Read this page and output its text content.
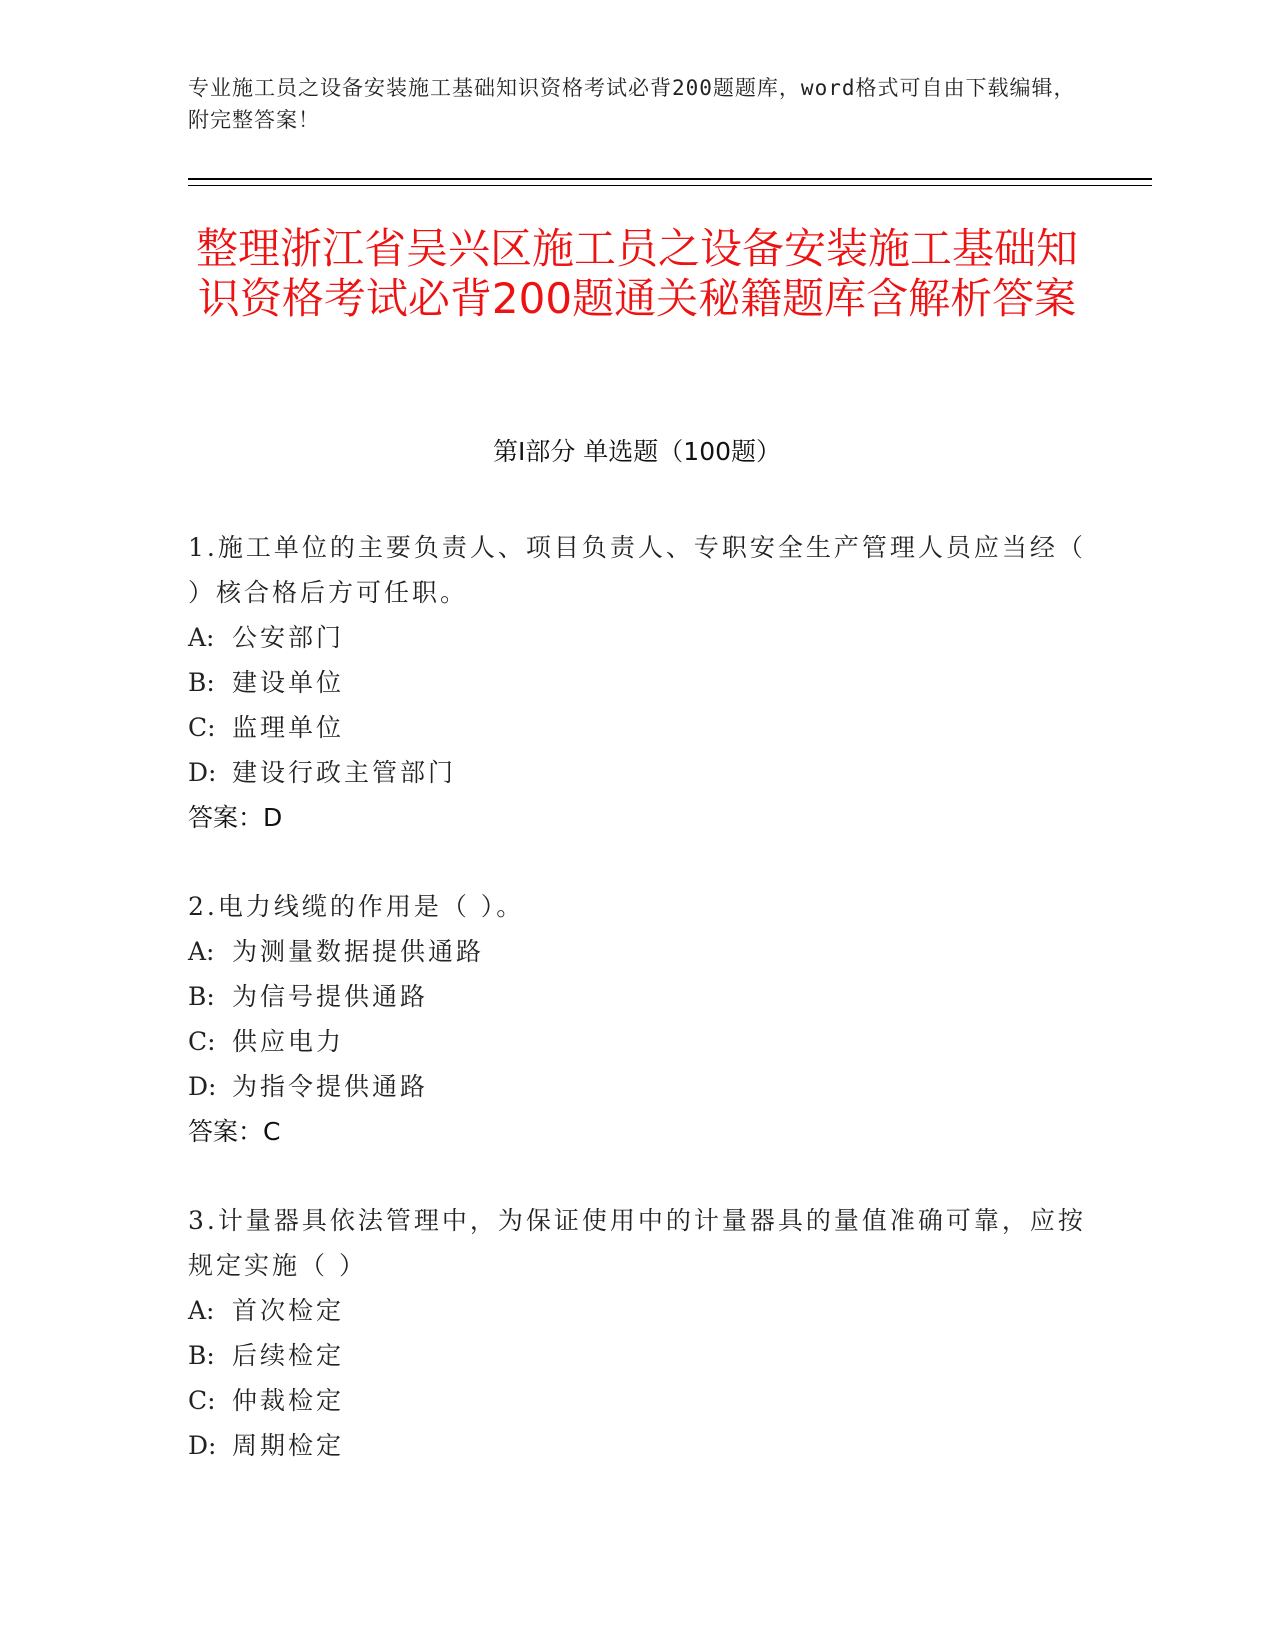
专业施工员之设备安装施工基础知识资格考试必背200题题库，word格式可自由下载编辑，附完整答案！
整理浙江省吴兴区施工员之设备安装施工基础知识资格考试必背200题通关秘籍题库含解析答案
第I部分 单选题（100题）
1.施工单位的主要负责人、项目负责人、专职安全生产管理人员应当经（ ）核合格后方可任职。
A: 公安部门
B: 建设单位
C: 监理单位
D: 建设行政主管部门
答案：D
2.电力线缆的作用是（ ）。
A: 为测量数据提供通路
B: 为信号提供通路
C: 供应电力
D: 为指令提供通路
答案：C
3.计量器具依法管理中，为保证使用中的计量器具的量值准确可靠，应按规定实施（ ）
A: 首次检定
B: 后续检定
C: 仲裁检定
D: 周期检定
